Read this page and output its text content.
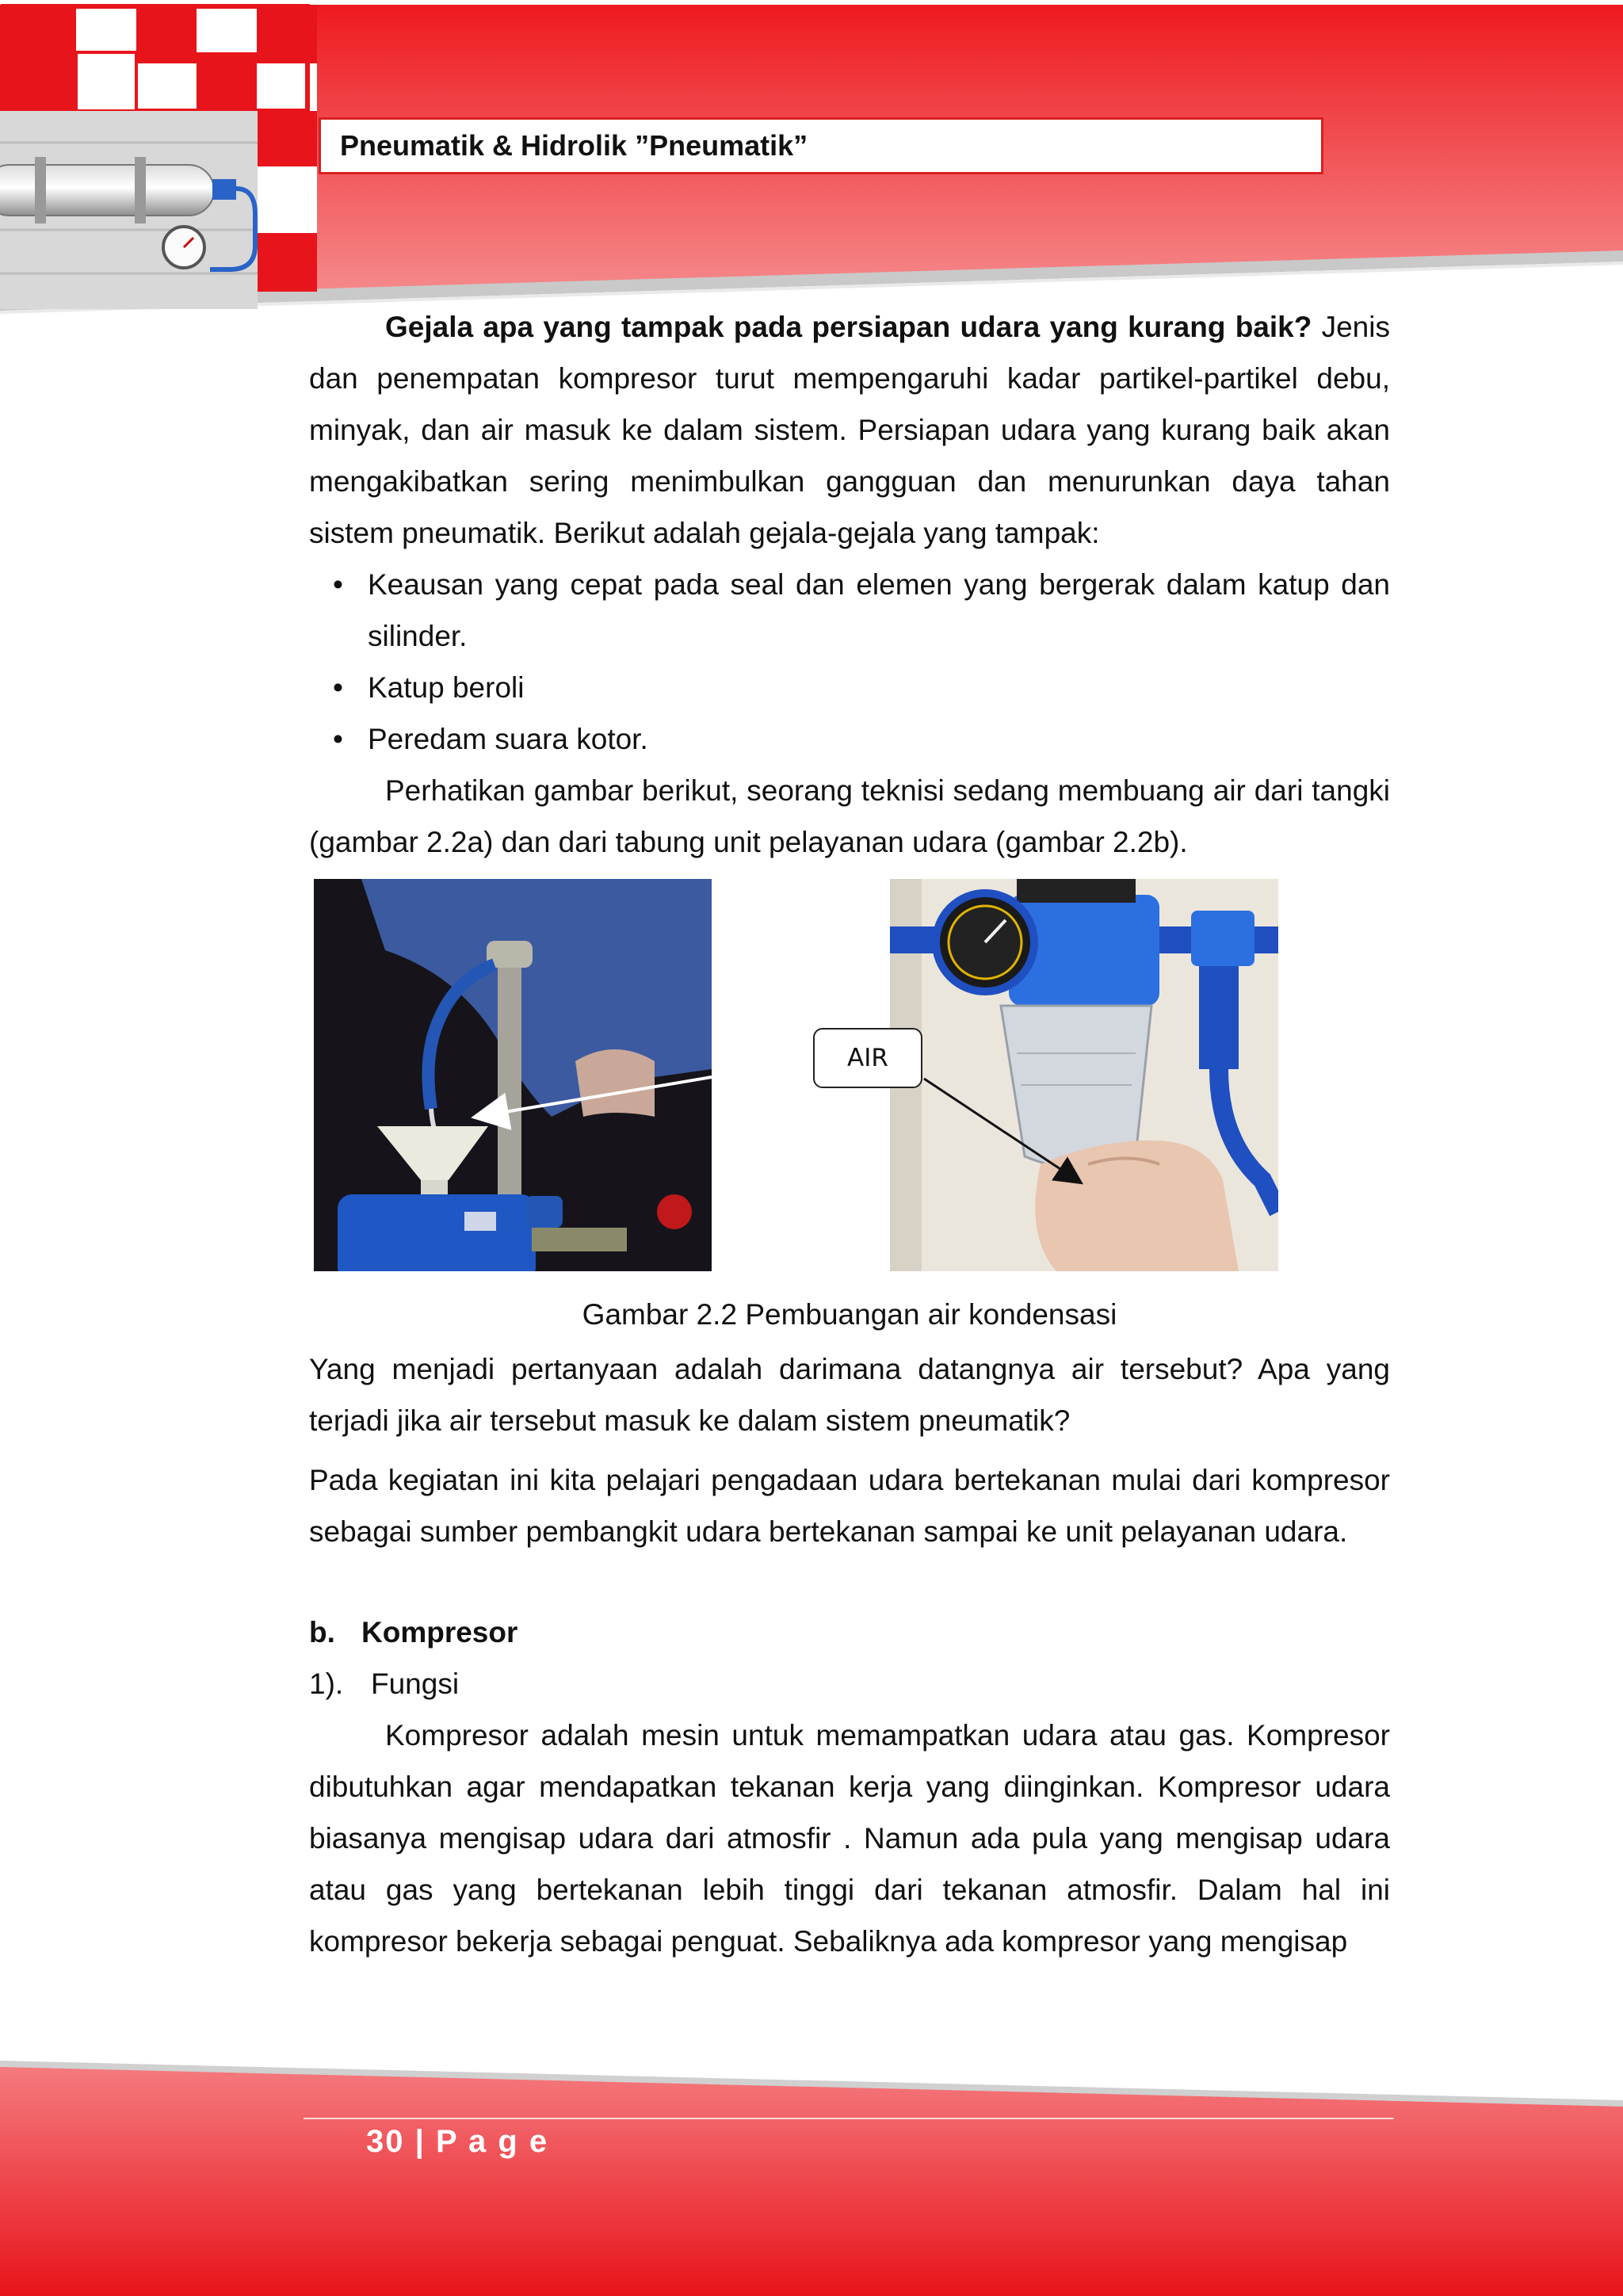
Pneumatik & Hidrolik ”Pneumatik”

Gejala apa yang tampak pada persiapan udara yang kurang baik? Jenis dan penempatan kompresor turut mempengaruhi kadar partikel-partikel debu, minyak, dan air masuk ke dalam sistem. Persiapan udara yang kurang baik akan mengakibatkan sering menimbulkan gangguan dan menurunkan daya tahan sistem pneumatik. Berikut adalah gejala-gejala yang tampak:

• Keausan yang cepat pada seal dan elemen yang bergerak dalam katup dan silinder.
• Katup beroli
• Peredam suara kotor.

Perhatikan gambar berikut, seorang teknisi sedang membuang air dari tangki (gambar 2.2a) dan dari tabung unit pelayanan udara (gambar 2.2b).

AIR

Gambar 2.2 Pembuangan air kondensasi

Yang menjadi pertanyaan adalah darimana datangnya air tersebut? Apa yang terjadi jika air tersebut masuk ke dalam sistem pneumatik?

Pada kegiatan ini kita pelajari pengadaan udara bertekanan mulai dari kompresor sebagai sumber pembangkit udara bertekanan sampai ke unit pelayanan udara.

b. Kompresor
1). Fungsi

Kompresor adalah mesin untuk memampatkan udara atau gas. Kompresor dibutuhkan agar mendapatkan tekanan kerja yang diinginkan. Kompresor udara biasanya mengisap udara dari atmosfir . Namun ada pula yang mengisap udara atau gas yang bertekanan lebih tinggi dari tekanan atmosfir. Dalam hal ini kompresor bekerja sebagai penguat. Sebaliknya ada kompresor yang mengisap

30 | P a g e
